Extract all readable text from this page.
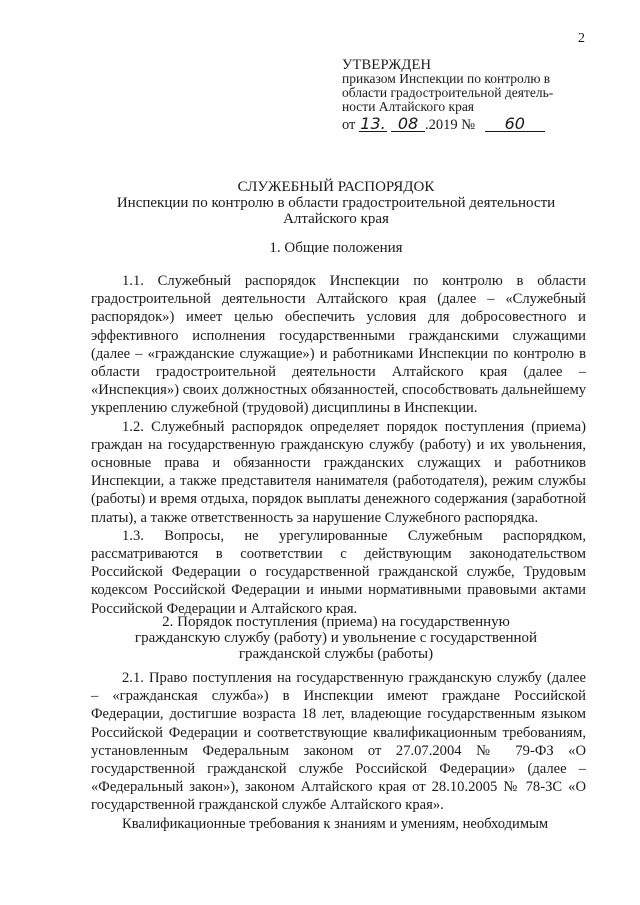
2
УТВЕРЖДЕН
приказом Инспекции по контролю в
области градостроительной деятель-
ности Алтайского края
от 13. 08 .2019 № 60
СЛУЖЕБНЫЙ РАСПОРЯДОК
Инспекции по контролю в области градостроительной деятельности
Алтайского края
1. Общие положения

1.1. Служебный распорядок Инспекции по контролю в области градостроительной деятельности Алтайского края (далее – «Служебный распорядок») имеет целью обеспечить условия для добросовестного и эффективного исполнения государственными гражданскими служащими (далее – «гражданские служащие») и работниками Инспекции по контролю в области градостроительной деятельности Алтайского края (далее – «Инспекция») своих должностных обязанностей, способствовать дальнейшему укреплению служебной (трудовой) дисциплины в Инспекции.

1.2. Служебный распорядок определяет порядок поступления (приема) граждан на государственную гражданскую службу (работу) и их увольнения, основные права и обязанности гражданских служащих и работников Инспекции, а также представителя нанимателя (работодателя), режим службы (работы) и время отдыха, порядок выплаты денежного содержания (заработной платы), а также ответственность за нарушение Служебного распорядка.

1.3. Вопросы, не урегулированные Служебным распорядком, рассматриваются в соответствии с действующим законодательством Российской Федерации о государственной гражданской службе, Трудовым кодексом Российской Федерации и иными нормативными правовыми актами Российской Федерации и Алтайского края.

2. Порядок поступления (приема) на государственную
гражданскую службу (работу) и увольнение с государственной
гражданской службы (работы)

2.1. Право поступления на государственную гражданскую службу (далее – «гражданская служба») в Инспекции имеют граждане Российской Федерации, достигшие возраста 18 лет, владеющие государственным языком Российской Федерации и соответствующие квалификационным требованиям, установленным Федеральным законом от 27.07.2004 № 79-ФЗ «О государственной гражданской службе Российской Федерации» (далее – «Федеральный закон»), законом Алтайского края от 28.10.2005 № 78-ЗС «О государственной гражданской службе Алтайского края».

Квалификационные требования к знаниям и умениям, необходимым
